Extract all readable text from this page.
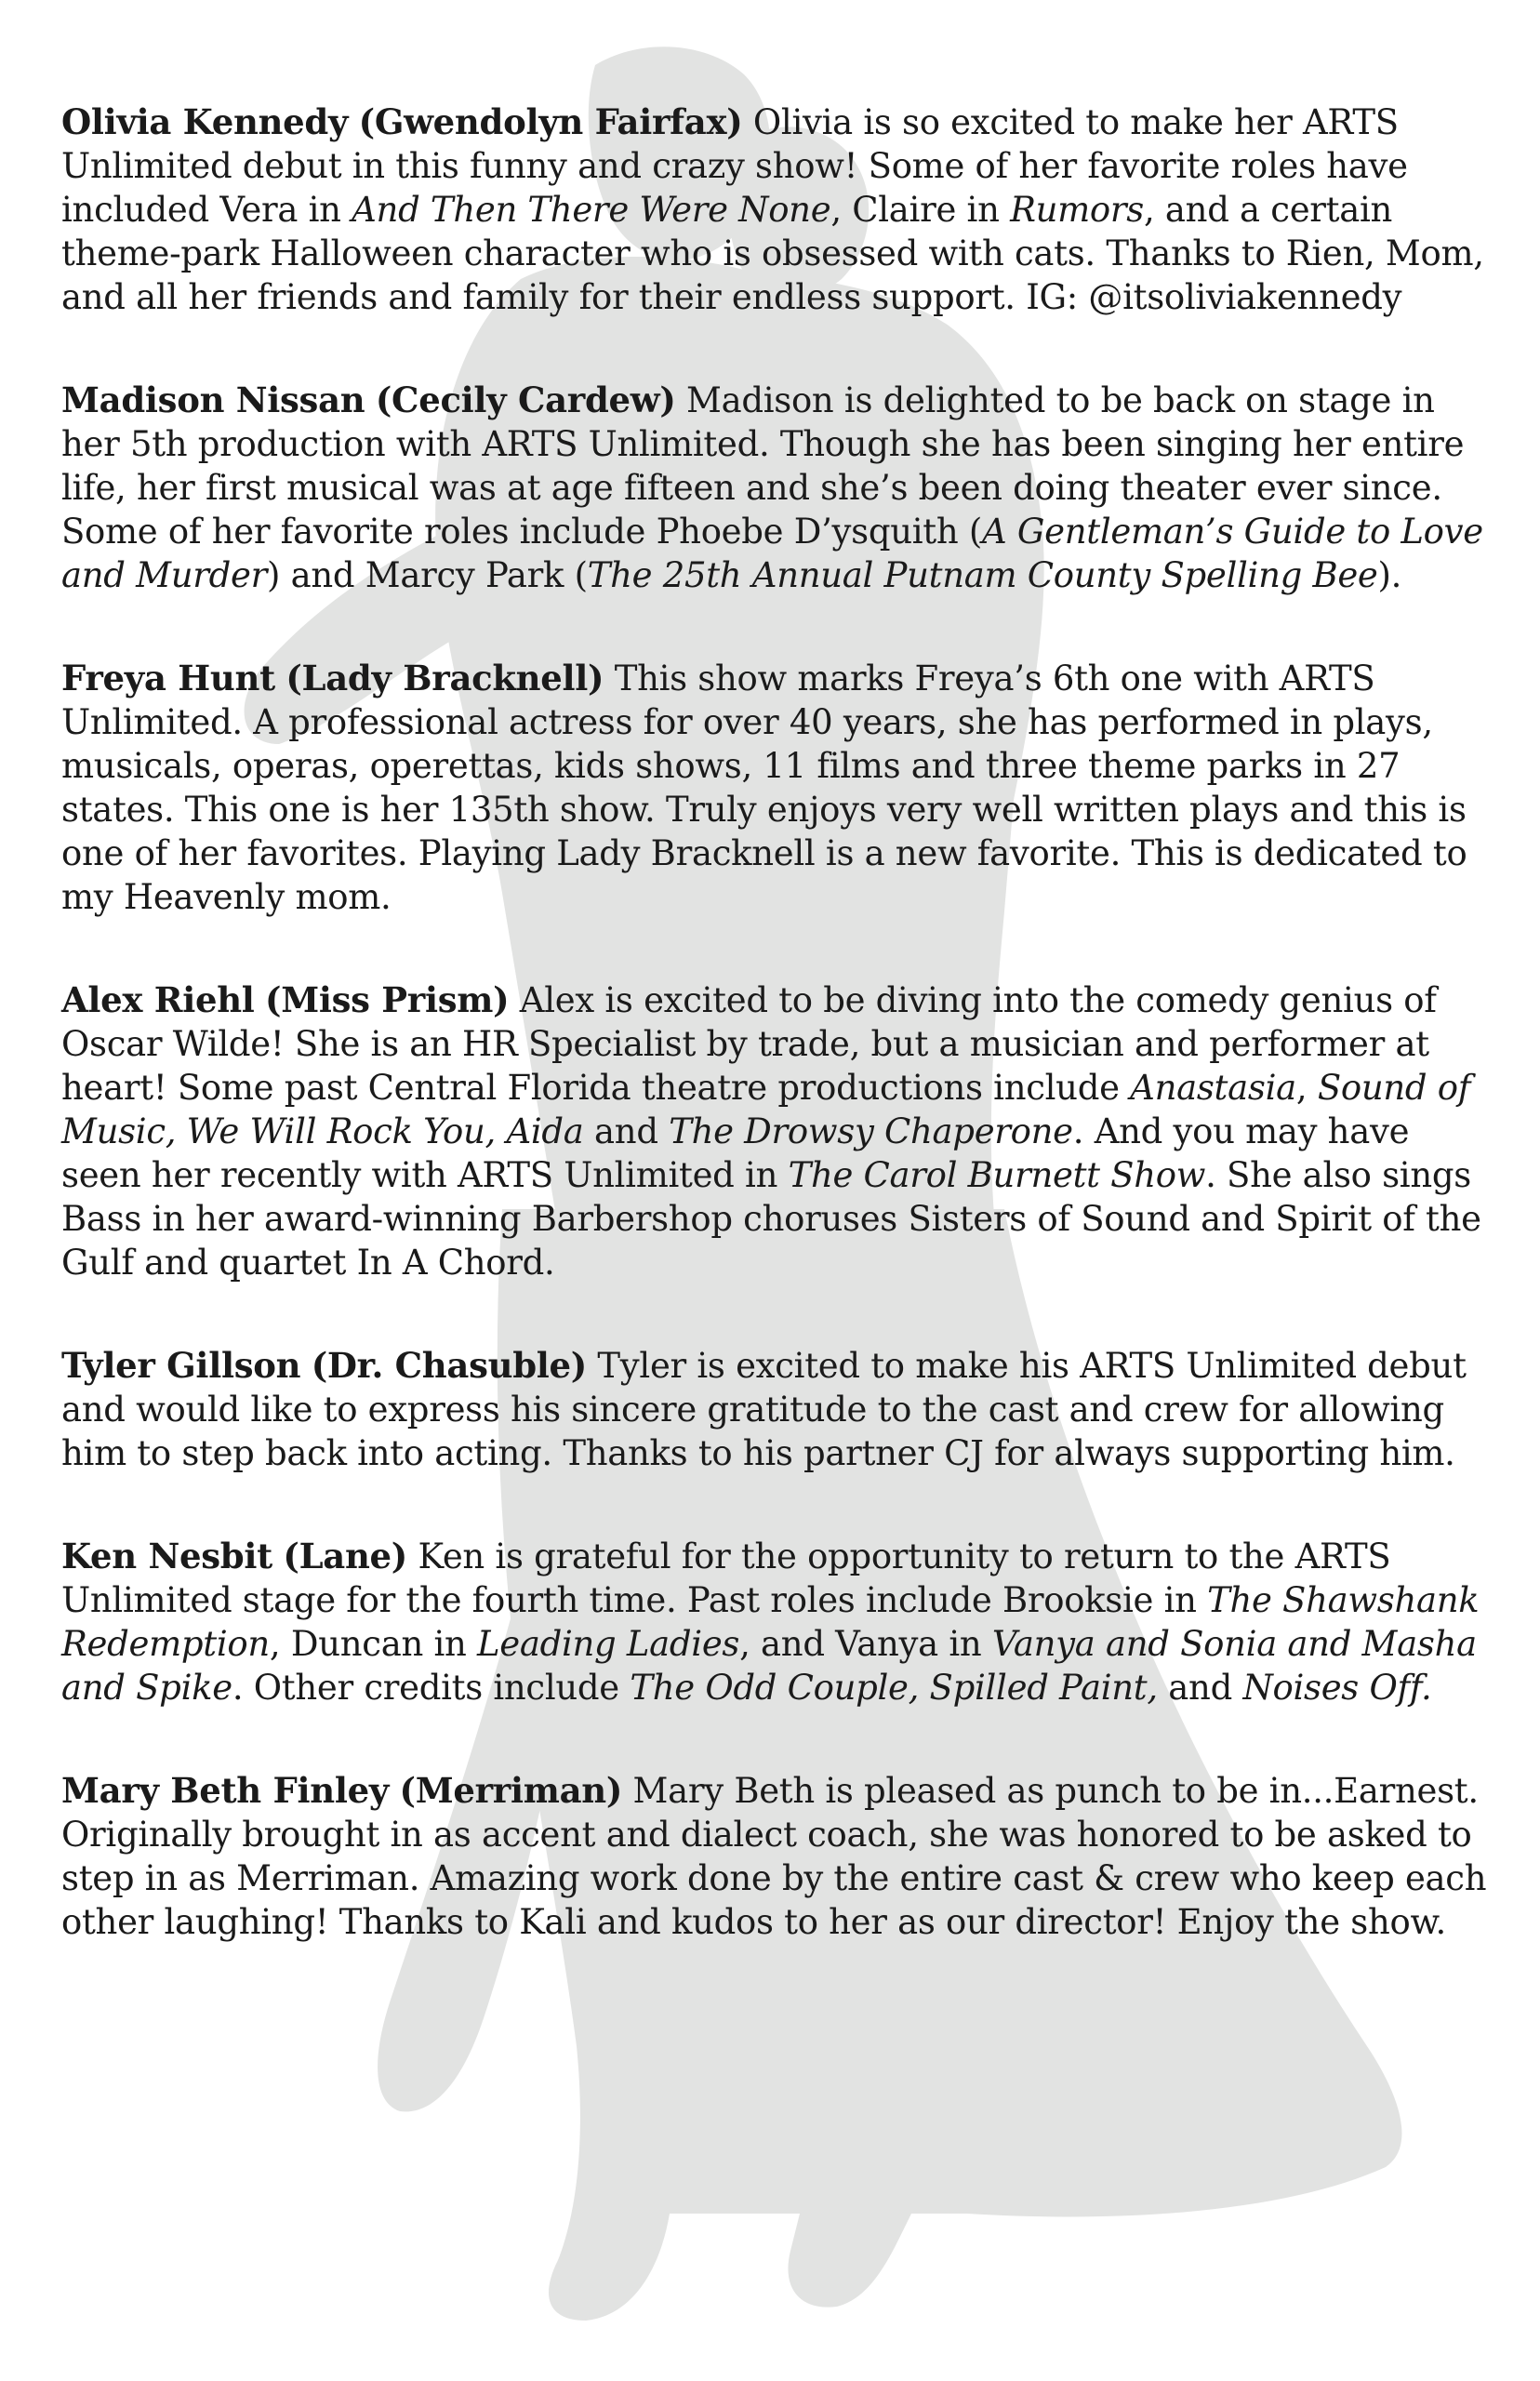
Olivia Kennedy (Gwendolyn Fairfax) Olivia is so excited to make her ARTS Unlimited debut in this funny and crazy show! Some of her favorite roles have included Vera in And Then There Were None, Claire in Rumors, and a certain theme-park Halloween character who is obsessed with cats. Thanks to Rien, Mom, and all her friends and family for their endless support. IG: @itsoliviakennedy

Madison Nissan (Cecily Cardew) Madison is delighted to be back on stage in her 5th production with ARTS Unlimited. Though she has been singing her entire life, her first musical was at age fifteen and she’s been doing theater ever since. Some of her favorite roles include Phoebe D’ysquith (A Gentleman’s Guide to Love and Murder) and Marcy Park (The 25th Annual Putnam County Spelling Bee).

Freya Hunt (Lady Bracknell) This show marks Freya’s 6th one with ARTS Unlimited. A professional actress for over 40 years, she has performed in plays, musicals, operas, operettas, kids shows, 11 films and three theme parks in 27 states. This one is her 135th show. Truly enjoys very well written plays and this is one of her favorites. Playing Lady Bracknell is a new favorite. This is dedicated to my Heavenly mom.

Alex Riehl (Miss Prism) Alex is excited to be diving into the comedy genius of Oscar Wilde! She is an HR Specialist by trade, but a musician and performer at heart! Some past Central Florida theatre productions include Anastasia, Sound of Music, We Will Rock You, Aida and The Drowsy Chaperone. And you may have seen her recently with ARTS Unlimited in The Carol Burnett Show. She also sings Bass in her award-winning Barbershop choruses Sisters of Sound and Spirit of the Gulf and quartet In A Chord.

Tyler Gillson (Dr. Chasuble) Tyler is excited to make his ARTS Unlimited debut and would like to express his sincere gratitude to the cast and crew for allowing him to step back into acting. Thanks to his partner CJ for always supporting him.

Ken Nesbit (Lane) Ken is grateful for the opportunity to return to the ARTS Unlimited stage for the fourth time. Past roles include Brooksie in The Shawshank Redemption, Duncan in Leading Ladies, and Vanya in Vanya and Sonia and Masha and Spike. Other credits include The Odd Couple, Spilled Paint, and Noises Off.

Mary Beth Finley (Merriman) Mary Beth is pleased as punch to be in...Earnest. Originally brought in as accent and dialect coach, she was honored to be asked to step in as Merriman. Amazing work done by the entire cast & crew who keep each other laughing! Thanks to Kali and kudos to her as our director! Enjoy the show.
